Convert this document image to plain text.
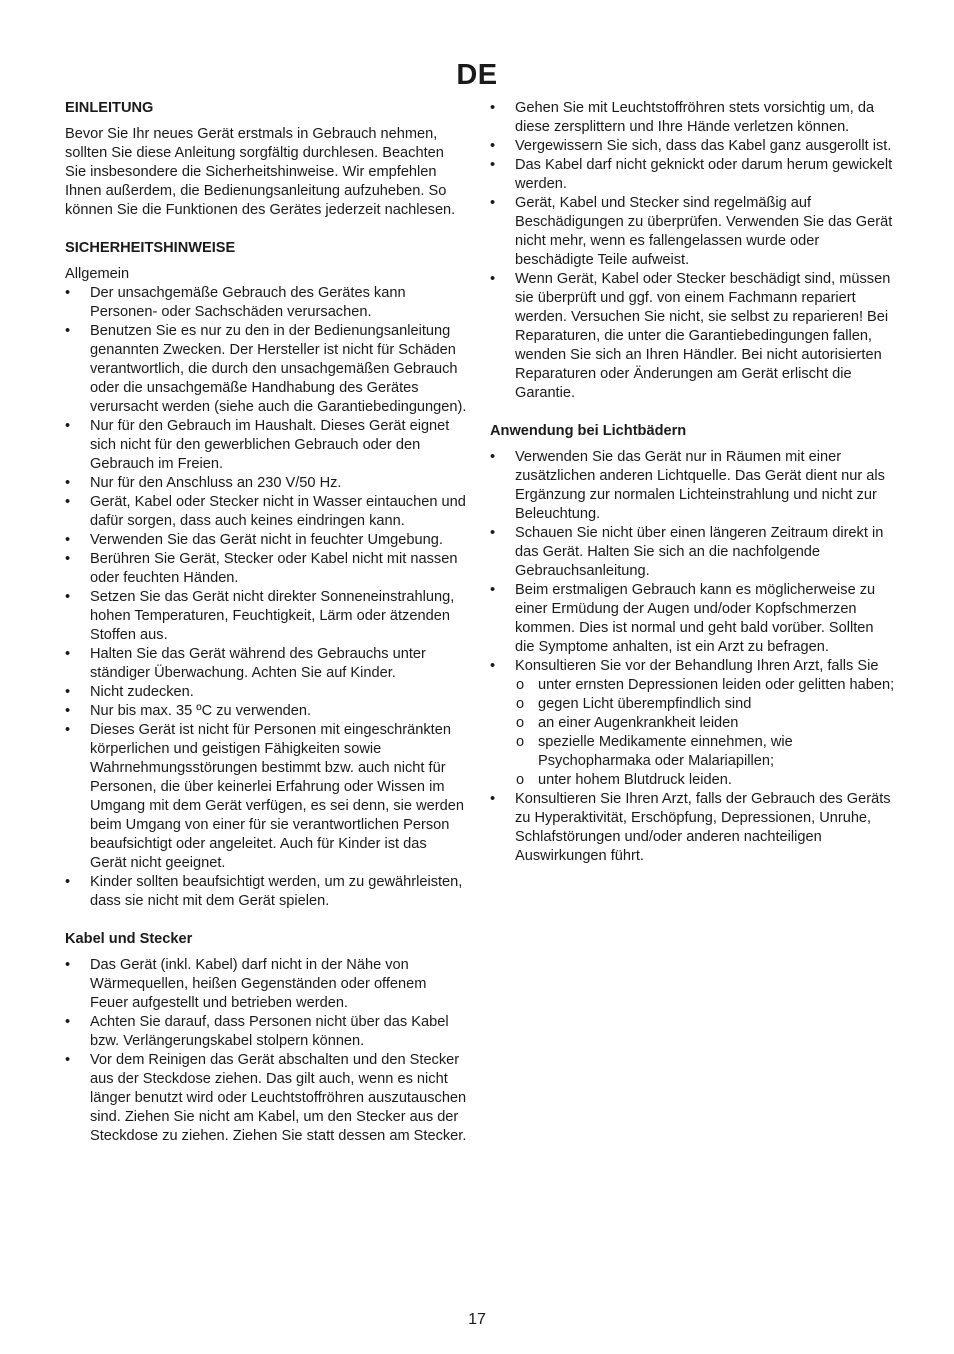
DE
EINLEITUNG

Bevor Sie Ihr neues Gerät erstmals in Gebrauch nehmen, sollten Sie diese Anleitung sorgfältig durchlesen. Beachten Sie insbesondere die Sicherheitshinweise. Wir empfehlen Ihnen außerdem, die Bedienungsanleitung aufzuheben. So können Sie die Funktionen des Gerätes jederzeit nachlesen.

SICHERHEITSHINWEISE

Allgemein

• Der unsachgemäße Gebrauch des Gerätes kann Personen- oder Sachschäden verursachen.
• Benutzen Sie es nur zu den in der Bedienungsanleitung genannten Zwecken. Der Hersteller ist nicht für Schäden verantwortlich, die durch den unsachgemäßen Gebrauch oder die unsachgemäße Handhabung des Gerätes verursacht werden (siehe auch die Garantiebedingungen).
• Nur für den Gebrauch im Haushalt. Dieses Gerät eignet sich nicht für den gewerblichen Gebrauch oder den Gebrauch im Freien.
• Nur für den Anschluss an 230 V/50 Hz.
• Gerät, Kabel oder Stecker nicht in Wasser eintauchen und dafür sorgen, dass auch keines eindringen kann.
• Verwenden Sie das Gerät nicht in feuchter Umgebung.
• Berühren Sie Gerät, Stecker oder Kabel nicht mit nassen oder feuchten Händen.
• Setzen Sie das Gerät nicht direkter Sonneneinstrahlung, hohen Temperaturen, Feuchtigkeit, Lärm oder ätzenden Stoffen aus.
• Halten Sie das Gerät während des Gebrauchs unter ständiger Überwachung. Achten Sie auf Kinder.
• Nicht zudecken.
• Nur bis max. 35 ºC zu verwenden.
• Dieses Gerät ist nicht für Personen mit eingeschränkten körperlichen und geistigen Fähigkeiten sowie Wahrnehmungsstörungen bestimmt bzw. auch nicht für Personen, die über keinerlei Erfahrung oder Wissen im Umgang mit dem Gerät verfügen, es sei denn, sie werden beim Umgang von einer für sie verantwortlichen Person beaufsichtigt oder angeleitet. Auch für Kinder ist das Gerät nicht geeignet.
• Kinder sollten beaufsichtigt werden, um zu gewährleisten, dass sie nicht mit dem Gerät spielen.
Kabel und Stecker
• Das Gerät (inkl. Kabel) darf nicht in der Nähe von Wärmequellen, heißen Gegenständen oder offenem Feuer aufgestellt und betrieben werden.
• Achten Sie darauf, dass Personen nicht über das Kabel bzw. Verlängerungskabel stolpern können.
• Vor dem Reinigen das Gerät abschalten und den Stecker aus der Steckdose ziehen. Das gilt auch, wenn es nicht länger benutzt wird oder Leuchtstoffröhren auszutauschen sind. Ziehen Sie nicht am Kabel, um den Stecker aus der Steckdose zu ziehen. Ziehen Sie statt dessen am Stecker.
• Gehen Sie mit Leuchtstoffröhren stets vorsichtig um, da diese zersplittern und Ihre Hände verletzen können.
• Vergewissern Sie sich, dass das Kabel ganz ausgerollt ist.
• Das Kabel darf nicht geknickt oder darum herum gewickelt werden.
• Gerät, Kabel und Stecker sind regelmäßig auf Beschädigungen zu überprüfen. Verwenden Sie das Gerät nicht mehr, wenn es fallengelassen wurde oder beschädigte Teile aufweist.
• Wenn Gerät, Kabel oder Stecker beschädigt sind, müssen sie überprüft und ggf. von einem Fachmann repariert werden. Versuchen Sie nicht, sie selbst zu reparieren! Bei Reparaturen, die unter die Garantiebedingungen fallen, wenden Sie sich an Ihren Händler. Bei nicht autorisierten Reparaturen oder Änderungen am Gerät erlischt die Garantie.
Anwendung bei Lichtbädern
• Verwenden Sie das Gerät nur in Räumen mit einer zusätzlichen anderen Lichtquelle. Das Gerät dient nur als Ergänzung zur normalen Lichteinstrahlung und nicht zur Beleuchtung.
• Schauen Sie nicht über einen längeren Zeitraum direkt in das Gerät. Halten Sie sich an die nachfolgende Gebrauchsanleitung.
• Beim erstmaligen Gebrauch kann es möglicherweise zu einer Ermüdung der Augen und/oder Kopfschmerzen kommen. Dies ist normal und geht bald vorüber. Sollten die Symptome anhalten, ist ein Arzt zu befragen.
• Konsultieren Sie vor der Behandlung Ihren Arzt, falls Sie
o unter ernsten Depressionen leiden oder gelitten haben;
o gegen Licht überempfindlich sind
o an einer Augenkrankheit leiden
o spezielle Medikamente einnehmen, wie Psychopharmaka oder Malariapillen;
o unter hohem Blutdruck leiden.
• Konsultieren Sie Ihren Arzt, falls der Gebrauch des Geräts zu Hyperaktivität, Erschöpfung, Depressionen, Unruhe, Schlafstörungen und/oder anderen nachteiligen Auswirkungen führt.
17
